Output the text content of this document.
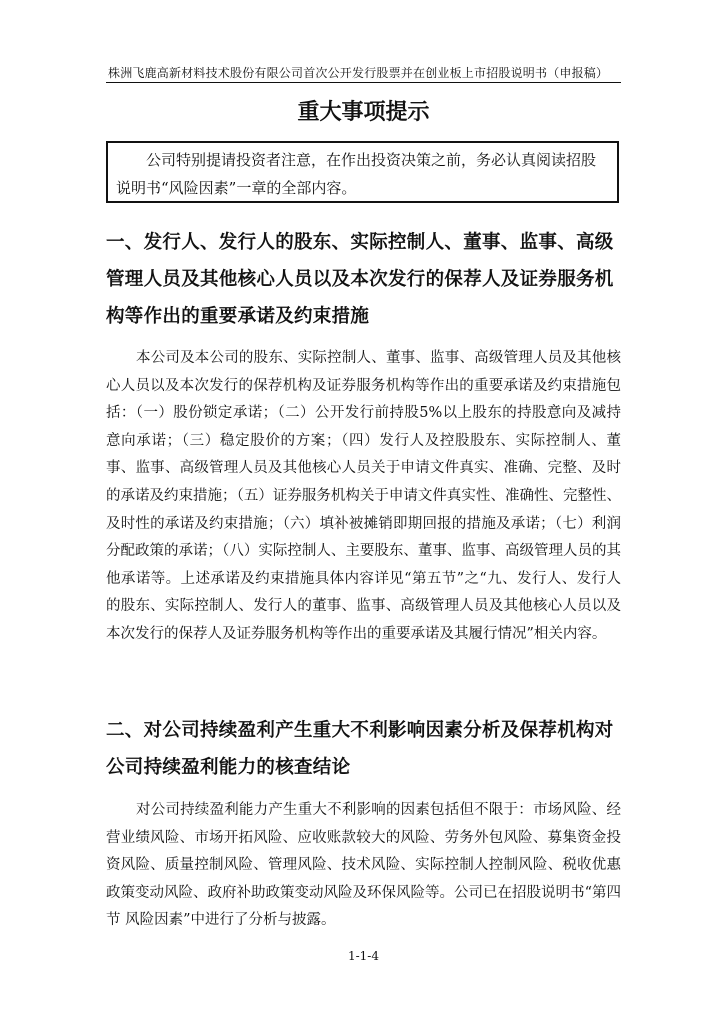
株洲飞鹿高新材料技术股份有限公司首次公开发行股票并在创业板上市招股说明书（申报稿）
重大事项提示
公司特别提请投资者注意，在作出投资决策之前，务必认真阅读招股说明书“风险因素”一章的全部内容。
一、发行人、发行人的股东、实际控制人、董事、监事、高级管理人员及其他核心人员以及本次发行的保荐人及证券服务机构等作出的重要承诺及约束措施

本公司及本公司的股东、实际控制人、董事、监事、高级管理人员及其他核心人员以及本次发行的保荐机构及证券服务机构等作出的重要承诺及约束措施包括：（一）股份锁定承诺；（二）公开发行前持股5%以上股东的持股意向及减持意向承诺；（三）稳定股价的方案；（四）发行人及控股股东、实际控制人、董事、监事、高级管理人员及其他核心人员关于申请文件真实、准确、完整、及时的承诺及约束措施；（五）证券服务机构关于申请文件真实性、准确性、完整性、及时性的承诺及约束措施；（六）填补被摊销即期回报的措施及承诺；（七）利润分配政策的承诺；（八）实际控制人、主要股东、董事、监事、高级管理人员的其他承诺等。上述承诺及约束措施具体内容详见“第五节”之“九、发行人、发行人的股东、实际控制人、发行人的董事、监事、高级管理人员及其他核心人员以及本次发行的保荐人及证券服务机构等作出的重要承诺及其履行情况”相关内容。

二、对公司持续盈利产生重大不利影响因素分析及保荐机构对公司持续盈利能力的核查结论

对公司持续盈利能力产生重大不利影响的因素包括但不限于：市场风险、经营业绩风险、市场开拓风险、应收账款较大的风险、劳务外包风险、募集资金投资风险、质量控制风险、管理风险、技术风险、实际控制人控制风险、税收优惠政策变动风险、政府补助政策变动风险及环保风险等。公司已在招股说明书“第四节 风险因素”中进行了分析与披露。

1-1-4
